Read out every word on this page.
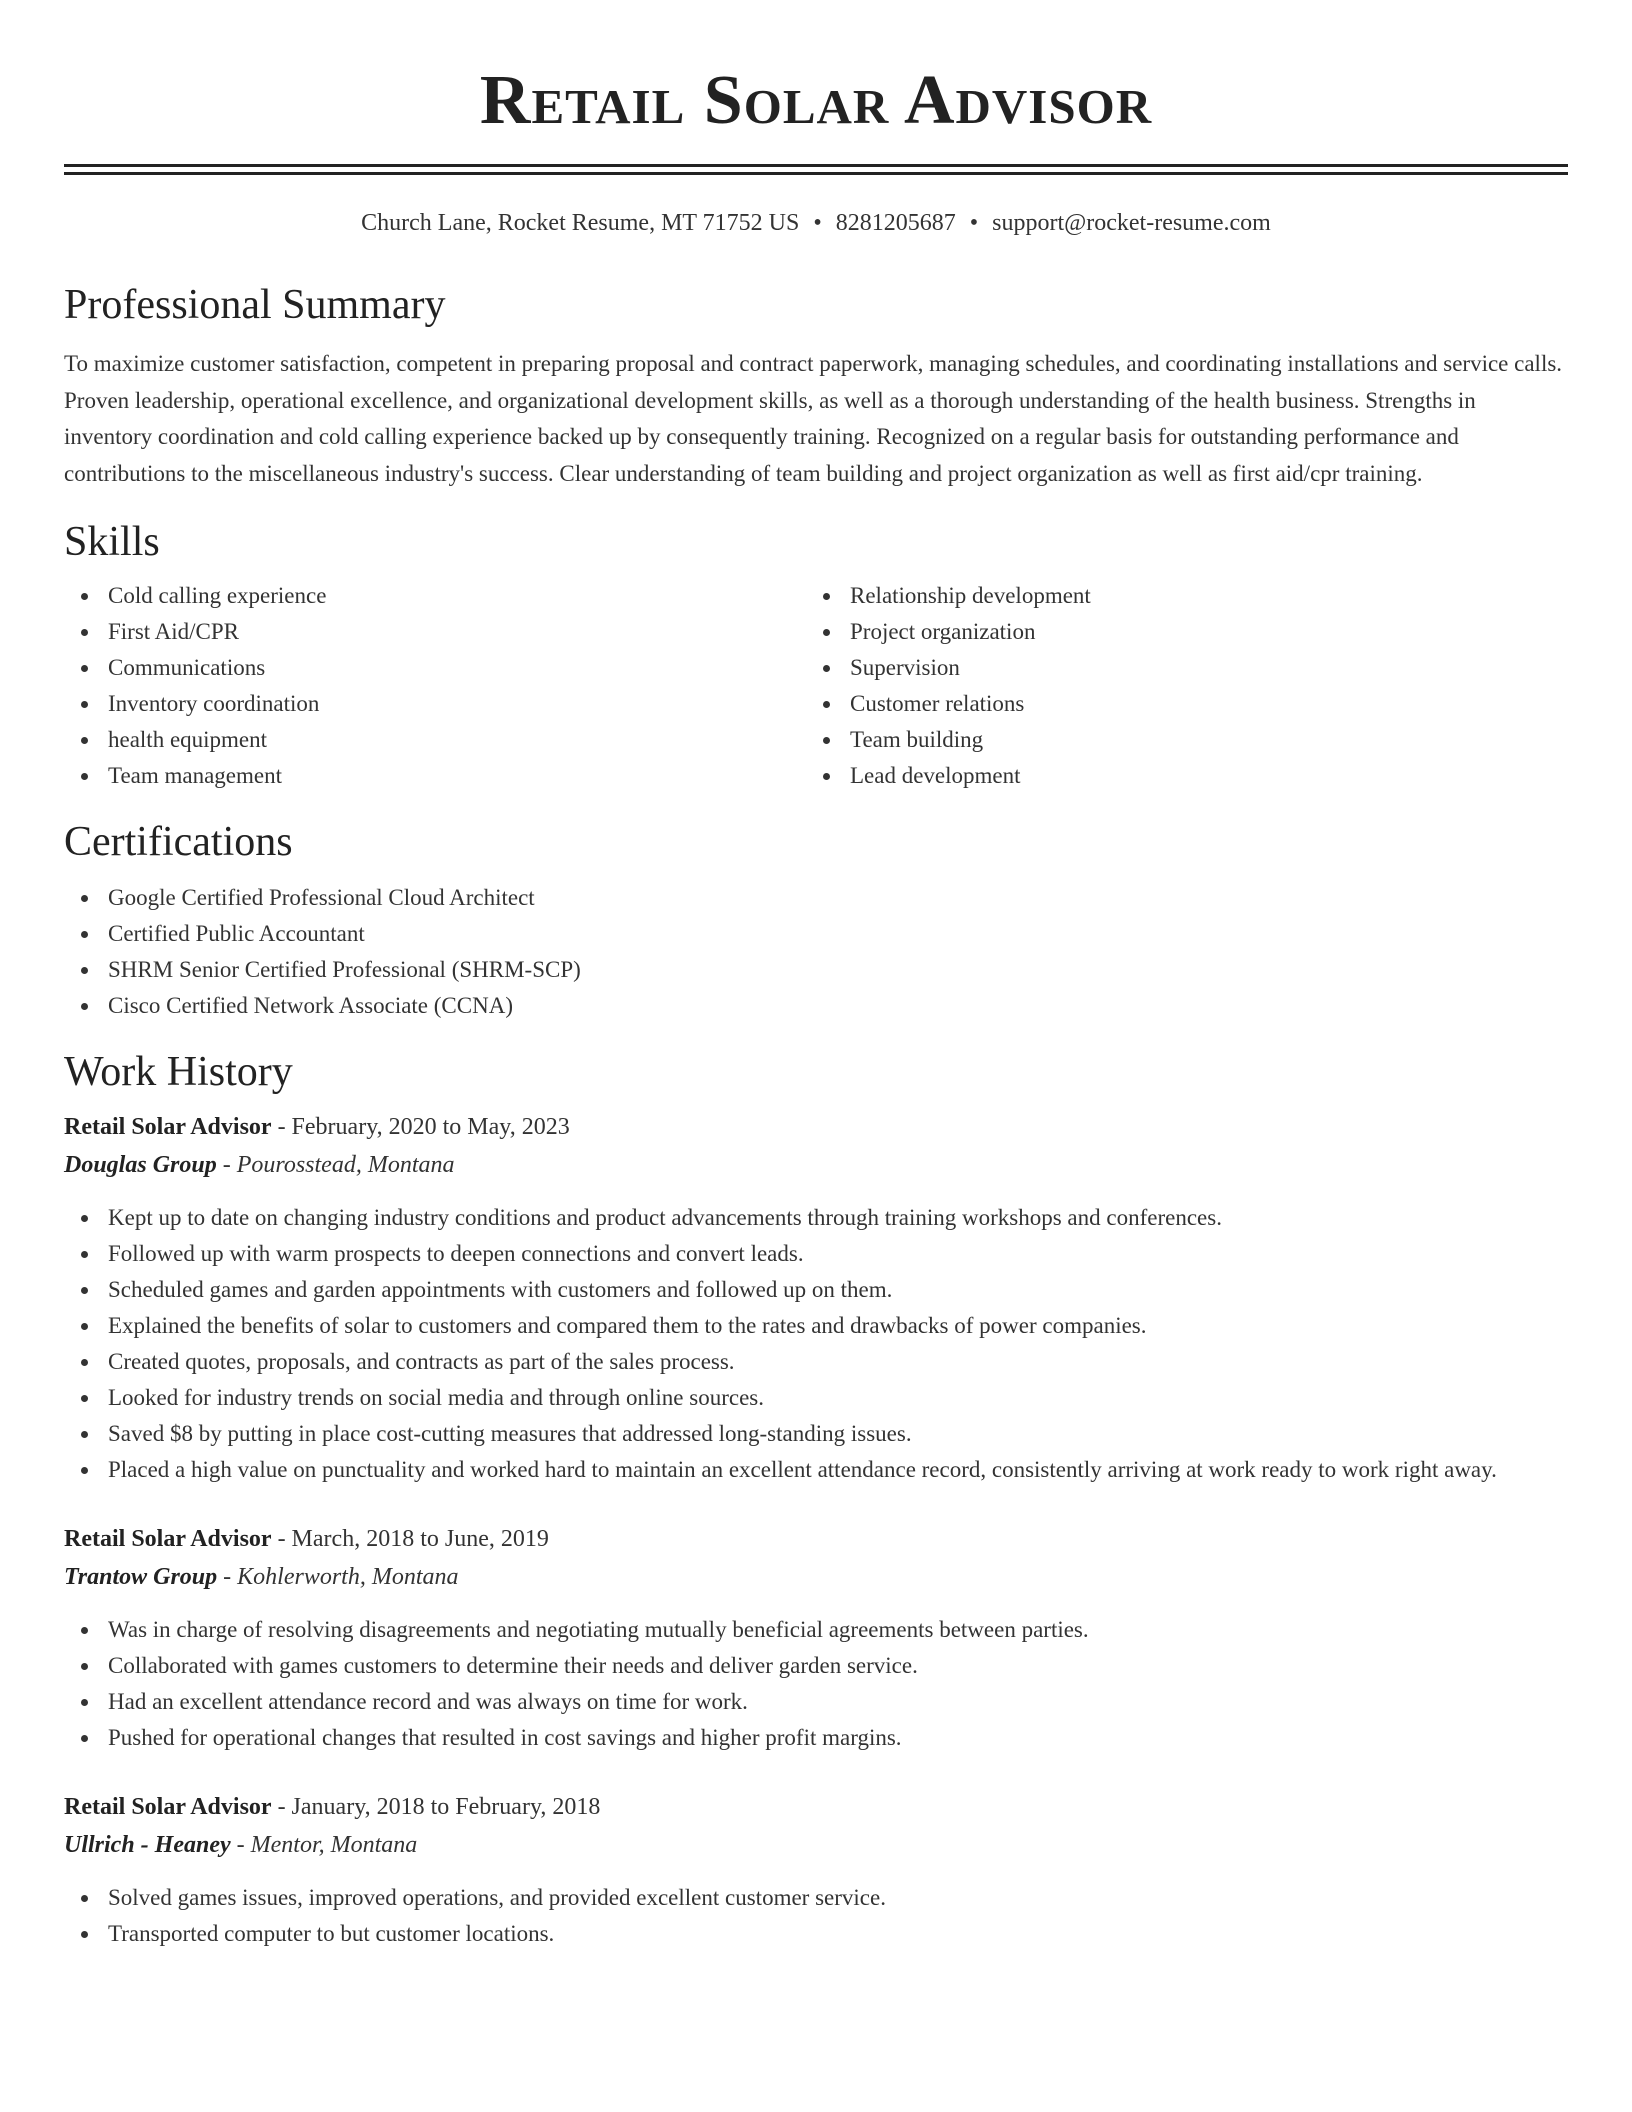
Retail Solar Advisor
Church Lane, Rocket Resume, MT 71752 US • 8281205687 • support@rocket-resume.com
Professional Summary

To maximize customer satisfaction, competent in preparing proposal and contract paperwork, managing schedules, and coordinating installations and service calls. Proven leadership, operational excellence, and organizational development skills, as well as a thorough understanding of the health business. Strengths in inventory coordination and cold calling experience backed up by consequently training. Recognized on a regular basis for outstanding performance and contributions to the miscellaneous industry's success. Clear understanding of team building and project organization as well as first aid/cpr training.

Skills
Cold calling experience
First Aid/CPR
Communications
Inventory coordination
health equipment
Team management
Relationship development
Project organization
Supervision
Customer relations
Team building
Lead development
Certifications
Google Certified Professional Cloud Architect
Certified Public Accountant
SHRM Senior Certified Professional (SHRM-SCP)
Cisco Certified Network Associate (CCNA)
Work History
Retail Solar Advisor - February, 2020 to May, 2023
Douglas Group - Pourosstead, Montana
Kept up to date on changing industry conditions and product advancements through training workshops and conferences.
Followed up with warm prospects to deepen connections and convert leads.
Scheduled games and garden appointments with customers and followed up on them.
Explained the benefits of solar to customers and compared them to the rates and drawbacks of power companies.
Created quotes, proposals, and contracts as part of the sales process.
Looked for industry trends on social media and through online sources.
Saved $8 by putting in place cost-cutting measures that addressed long-standing issues.
Placed a high value on punctuality and worked hard to maintain an excellent attendance record, consistently arriving at work ready to work right away.
Retail Solar Advisor - March, 2018 to June, 2019
Trantow Group - Kohlerworth, Montana
Was in charge of resolving disagreements and negotiating mutually beneficial agreements between parties.
Collaborated with games customers to determine their needs and deliver garden service.
Had an excellent attendance record and was always on time for work.
Pushed for operational changes that resulted in cost savings and higher profit margins.
Retail Solar Advisor - January, 2018 to February, 2018
Ullrich - Heaney - Mentor, Montana
Solved games issues, improved operations, and provided excellent customer service.
Transported computer to but customer locations.
